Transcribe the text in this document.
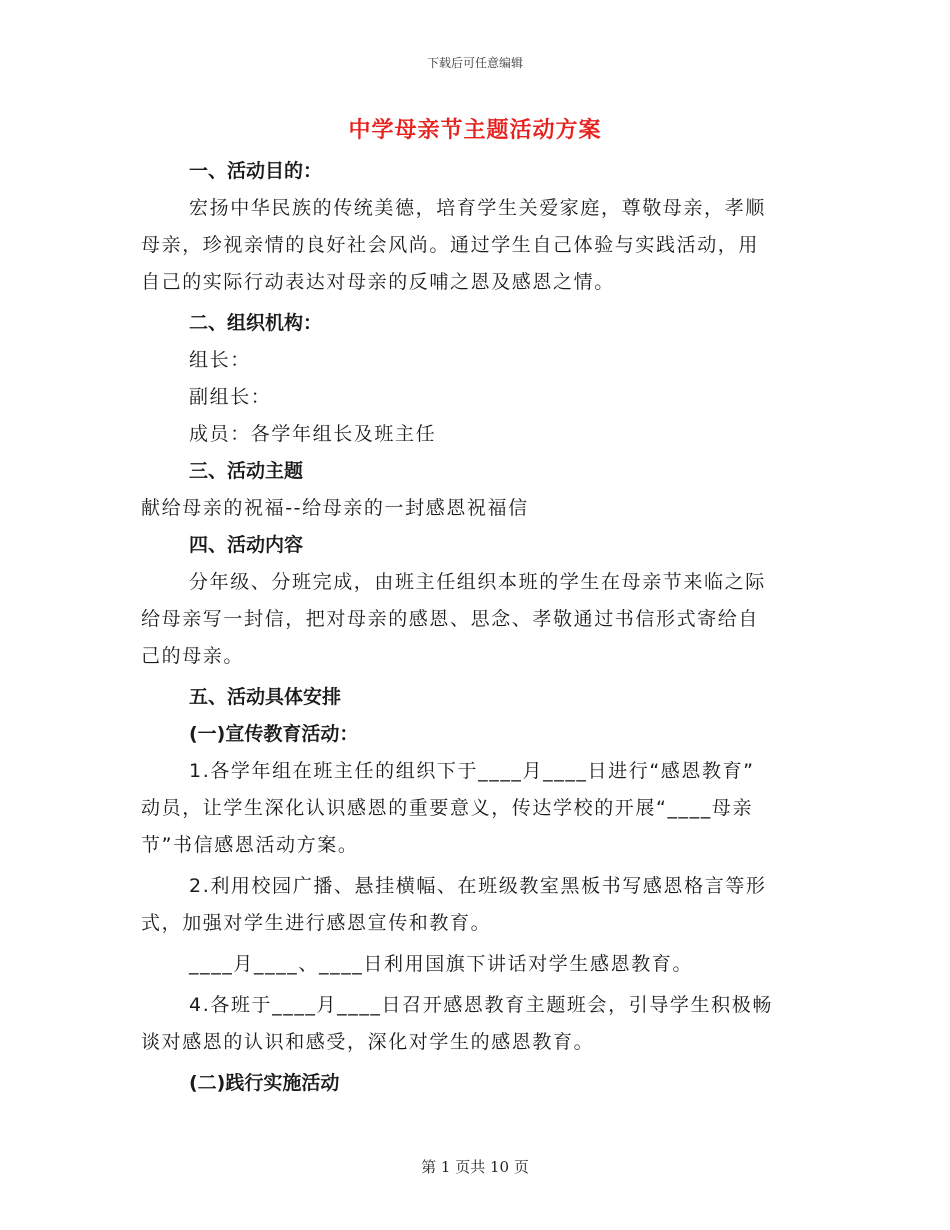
下载后可任意编辑
中学母亲节主题活动方案
一、活动目的：
宏扬中华民族的传统美德，培育学生关爱家庭，尊敬母亲，孝顺
母亲，珍视亲情的良好社会风尚。通过学生自己体验与实践活动，用
自己的实际行动表达对母亲的反哺之恩及感恩之情。
二、组织机构：
组长：
副组长：
成员：各学年组长及班主任
三、活动主题
献给母亲的祝福--给母亲的一封感恩祝福信
四、活动内容
分年级、分班完成，由班主任组织本班的学生在母亲节来临之际
给母亲写一封信，把对母亲的感恩、思念、孝敬通过书信形式寄给自
己的母亲。
五、活动具体安排
(一)宣传教育活动：
1.各学年组在班主任的组织下于____月____日进行“感恩教育”
动员，让学生深化认识感恩的重要意义，传达学校的开展“____母亲
节”书信感恩活动方案。
2.利用校园广播、悬挂横幅、在班级教室黑板书写感恩格言等形
式，加强对学生进行感恩宣传和教育。
____月____、____日利用国旗下讲话对学生感恩教育。
4.各班于____月____日召开感恩教育主题班会，引导学生积极畅
谈对感恩的认识和感受，深化对学生的感恩教育。
(二)践行实施活动
第 1 页共 10 页
